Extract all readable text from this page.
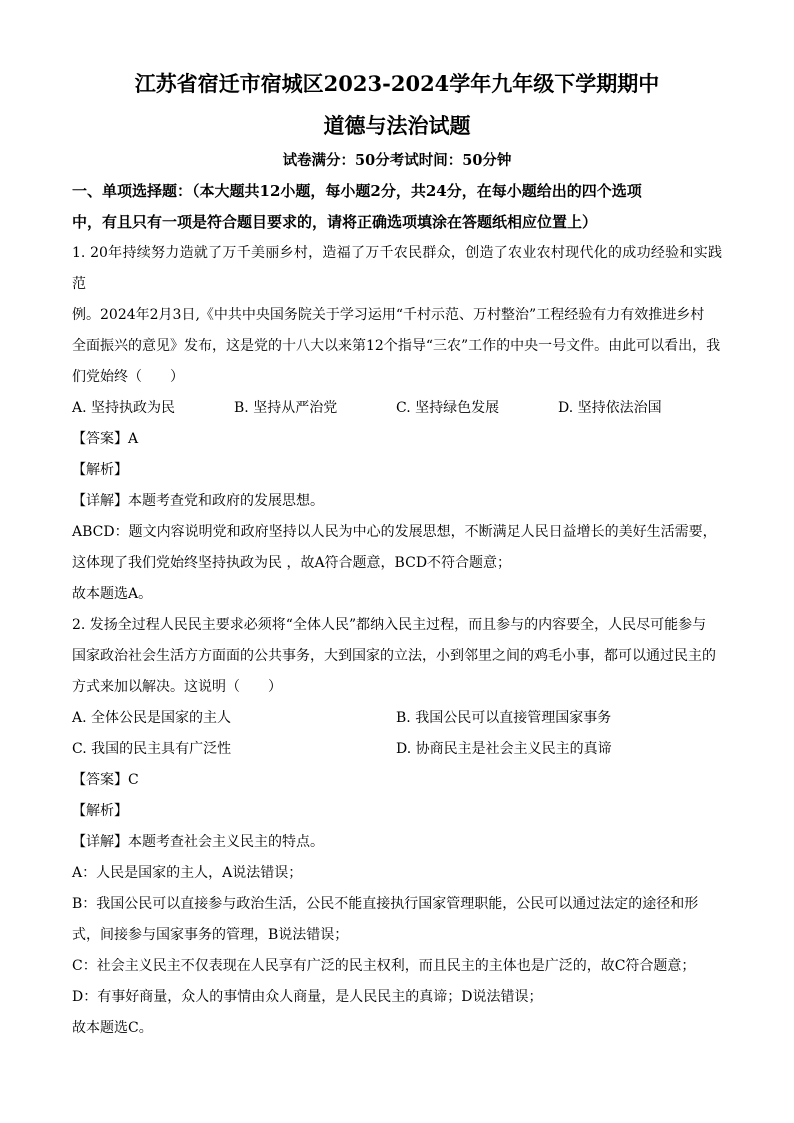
江苏省宿迁市宿城区2023-2024学年九年级下学期期中
道德与法治试题
试卷满分：50分考试时间：50分钟
一、单项选择题：（本大题共12小题，每小题2分，共24分，在每小题给出的四个选项
中，有且只有一项是符合题目要求的，请将正确选项填涂在答题纸相应位置上）
1. 20年持续努力造就了万千美丽乡村，造福了万千农民群众，创造了农业农村现代化的成功经验和实践范
例。2024年2月3日,《中共中央国务院关于学习运用“千村示范、万村整治”工程经验有力有效推进乡村
全面振兴的意见》发布，这是党的十八大以来第12个指导“三农”工作的中央一号文件。由此可以看出，我
们党始终（　　）
A. 坚持执政为民	B. 坚持从严治党	C. 坚持绿色发展	D. 坚持依法治国
【答案】A
【解析】
【详解】本题考查党和政府的发展思想。
ABCD：题文内容说明党和政府坚持以人民为中心的发展思想，不断满足人民日益增长的美好生活需要，
这体现了我们党始终坚持执政为民 ，故A符合题意，BCD不符合题意；
故本题选A。
2. 发扬全过程人民民主要求必须将“全体人民”都纳入民主过程，而且参与的内容要全，人民尽可能参与
国家政治社会生活方方面面的公共事务，大到国家的立法，小到邻里之间的鸡毛小事，都可以通过民主的
方式来加以解决。这说明（　　）
A. 全体公民是国家的主人	B. 我国公民可以直接管理国家事务
C. 我国的民主具有广泛性	D. 协商民主是社会主义民主的真谛
【答案】C
【解析】
【详解】本题考查社会主义民主的特点。
A：人民是国家的主人，A说法错误；
B：我国公民可以直接参与政治生活，公民不能直接执行国家管理职能，公民可以通过法定的途径和形
式，间接参与国家事务的管理，B说法错误；
C：社会主义民主不仅表现在人民享有广泛的民主权利，而且民主的主体也是广泛的，故C符合题意；
D：有事好商量，众人的事情由众人商量，是人民民主的真谛；D说法错误；
故本题选C。
